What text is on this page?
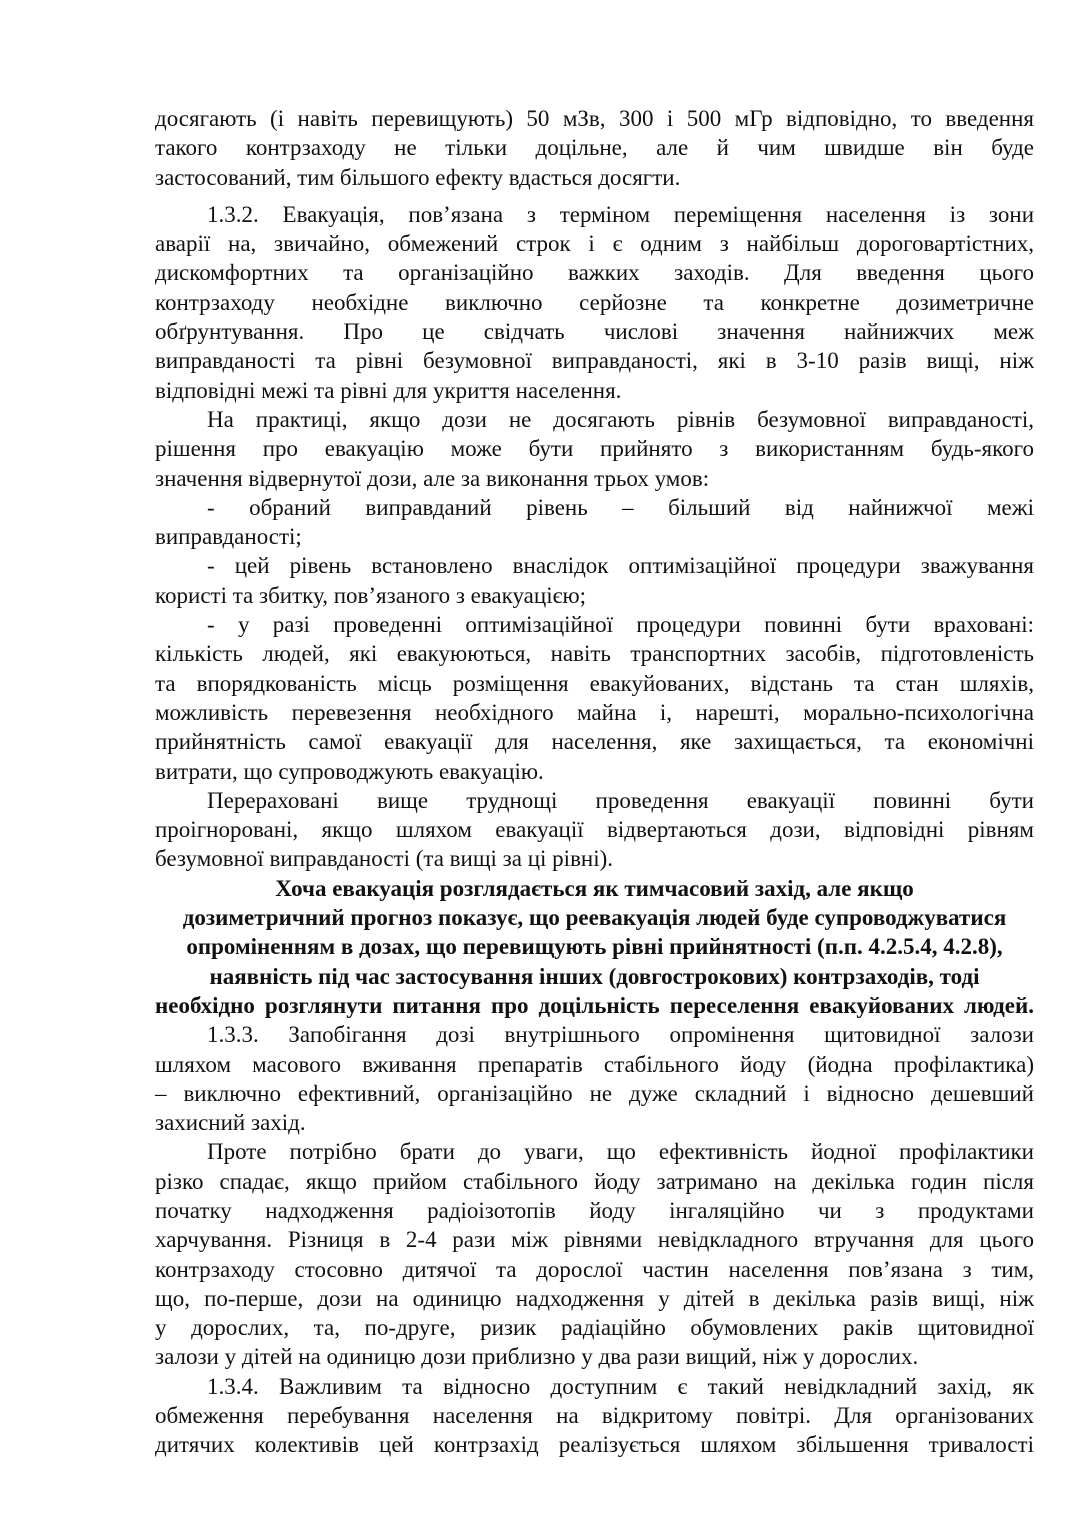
досягають (і навіть перевищують) 50 мЗв, 300 і 500 мГр відповідно, то введення
такого контрзаходу не тільки доцільне, але й чим швидше він буде
застосований, тим більшого ефекту вдасться досягти.
1.3.2. Евакуація, пов’язана з терміном переміщення населення із зони
аварії на, звичайно, обмежений строк і є одним з найбільш дороговартістних,
дискомфортних та організаційно важких заходів. Для введення цього
контрзаходу необхідне виключно серйозне та конкретне дозиметричне
обґрунтування. Про це свідчать числові значення найнижчих меж
виправданості та рівні безумовної виправданості, які в 3-10 разів вищі, ніж
відповідні межі та рівні для укриття населення.
На практиці, якщо дози не досягають рівнів безумовної виправданості,
рішення про евакуацію може бути прийнято з використанням будь-якого
значення відвернутої дози, але за виконання трьох умов:
- обраний виправданий рівень – більший від найнижчої межі
виправданості;
- цей рівень встановлено внаслідок оптимізаційної процедури зважування
користі та збитку, пов’язаного з евакуацією;
- у разі проведенні оптимізаційної процедури повинні бути враховані:
кількість людей, які евакуюються, навіть транспортних засобів, підготовленість
та впорядкованість місць розміщення евакуйованих, відстань та стан шляхів,
можливість перевезення необхідного майна і, нарешті, морально-психологічна
прийнятність самої евакуації для населення, яке захищається, та економічні
витрати, що супроводжують евакуацію.
Перераховані вище труднощі проведення евакуації повинні бути
проігноровані, якщо шляхом евакуації відвертаються дози, відповідні рівням
безумовної виправданості (та вищі за ці рівні).
Хоча евакуація розглядається як тимчасовий захід, але якщо
дозиметричний прогноз показує, що реевакуація людей буде супроводжуватися
опроміненням в дозах, що перевищують рівні прийнятності (п.п. 4.2.5.4, 4.2.8),
наявність під час застосування інших (довгострокових) контрзаходів, тоді
необхідно розглянути питання про доцільність переселення евакуйованих людей.
1.3.3. Запобігання дозі внутрішнього опромінення щитовидної залози
шляхом масового вживання препаратів стабільного йоду (йодна профілактика)
– виключно ефективний, організаційно не дуже складний і відносно дешевший
захисний захід.
Проте потрібно брати до уваги, що ефективність йодної профілактики
різко спадає, якщо прийом стабільного йоду затримано на декілька годин після
початку надходження радіоізотопів йоду інгаляційно чи з продуктами
харчування. Різниця в 2-4 рази між рівнями невідкладного втручання для цього
контрзаходу стосовно дитячої та дорослої частин населення пов’язана з тим,
що, по-перше, дози на одиницю надходження у дітей в декілька разів вищі, ніж
у дорослих, та, по-друге, ризик радіаційно обумовлених раків щитовидної
залози у дітей на одиницю дози приблизно у два рази вищий, ніж у дорослих.
1.3.4. Важливим та відносно доступним є такий невідкладний захід, як
обмеження перебування населення на відкритому повітрі. Для організованих
дитячих колективів цей контрзахід реалізується шляхом збільшення тривалості
